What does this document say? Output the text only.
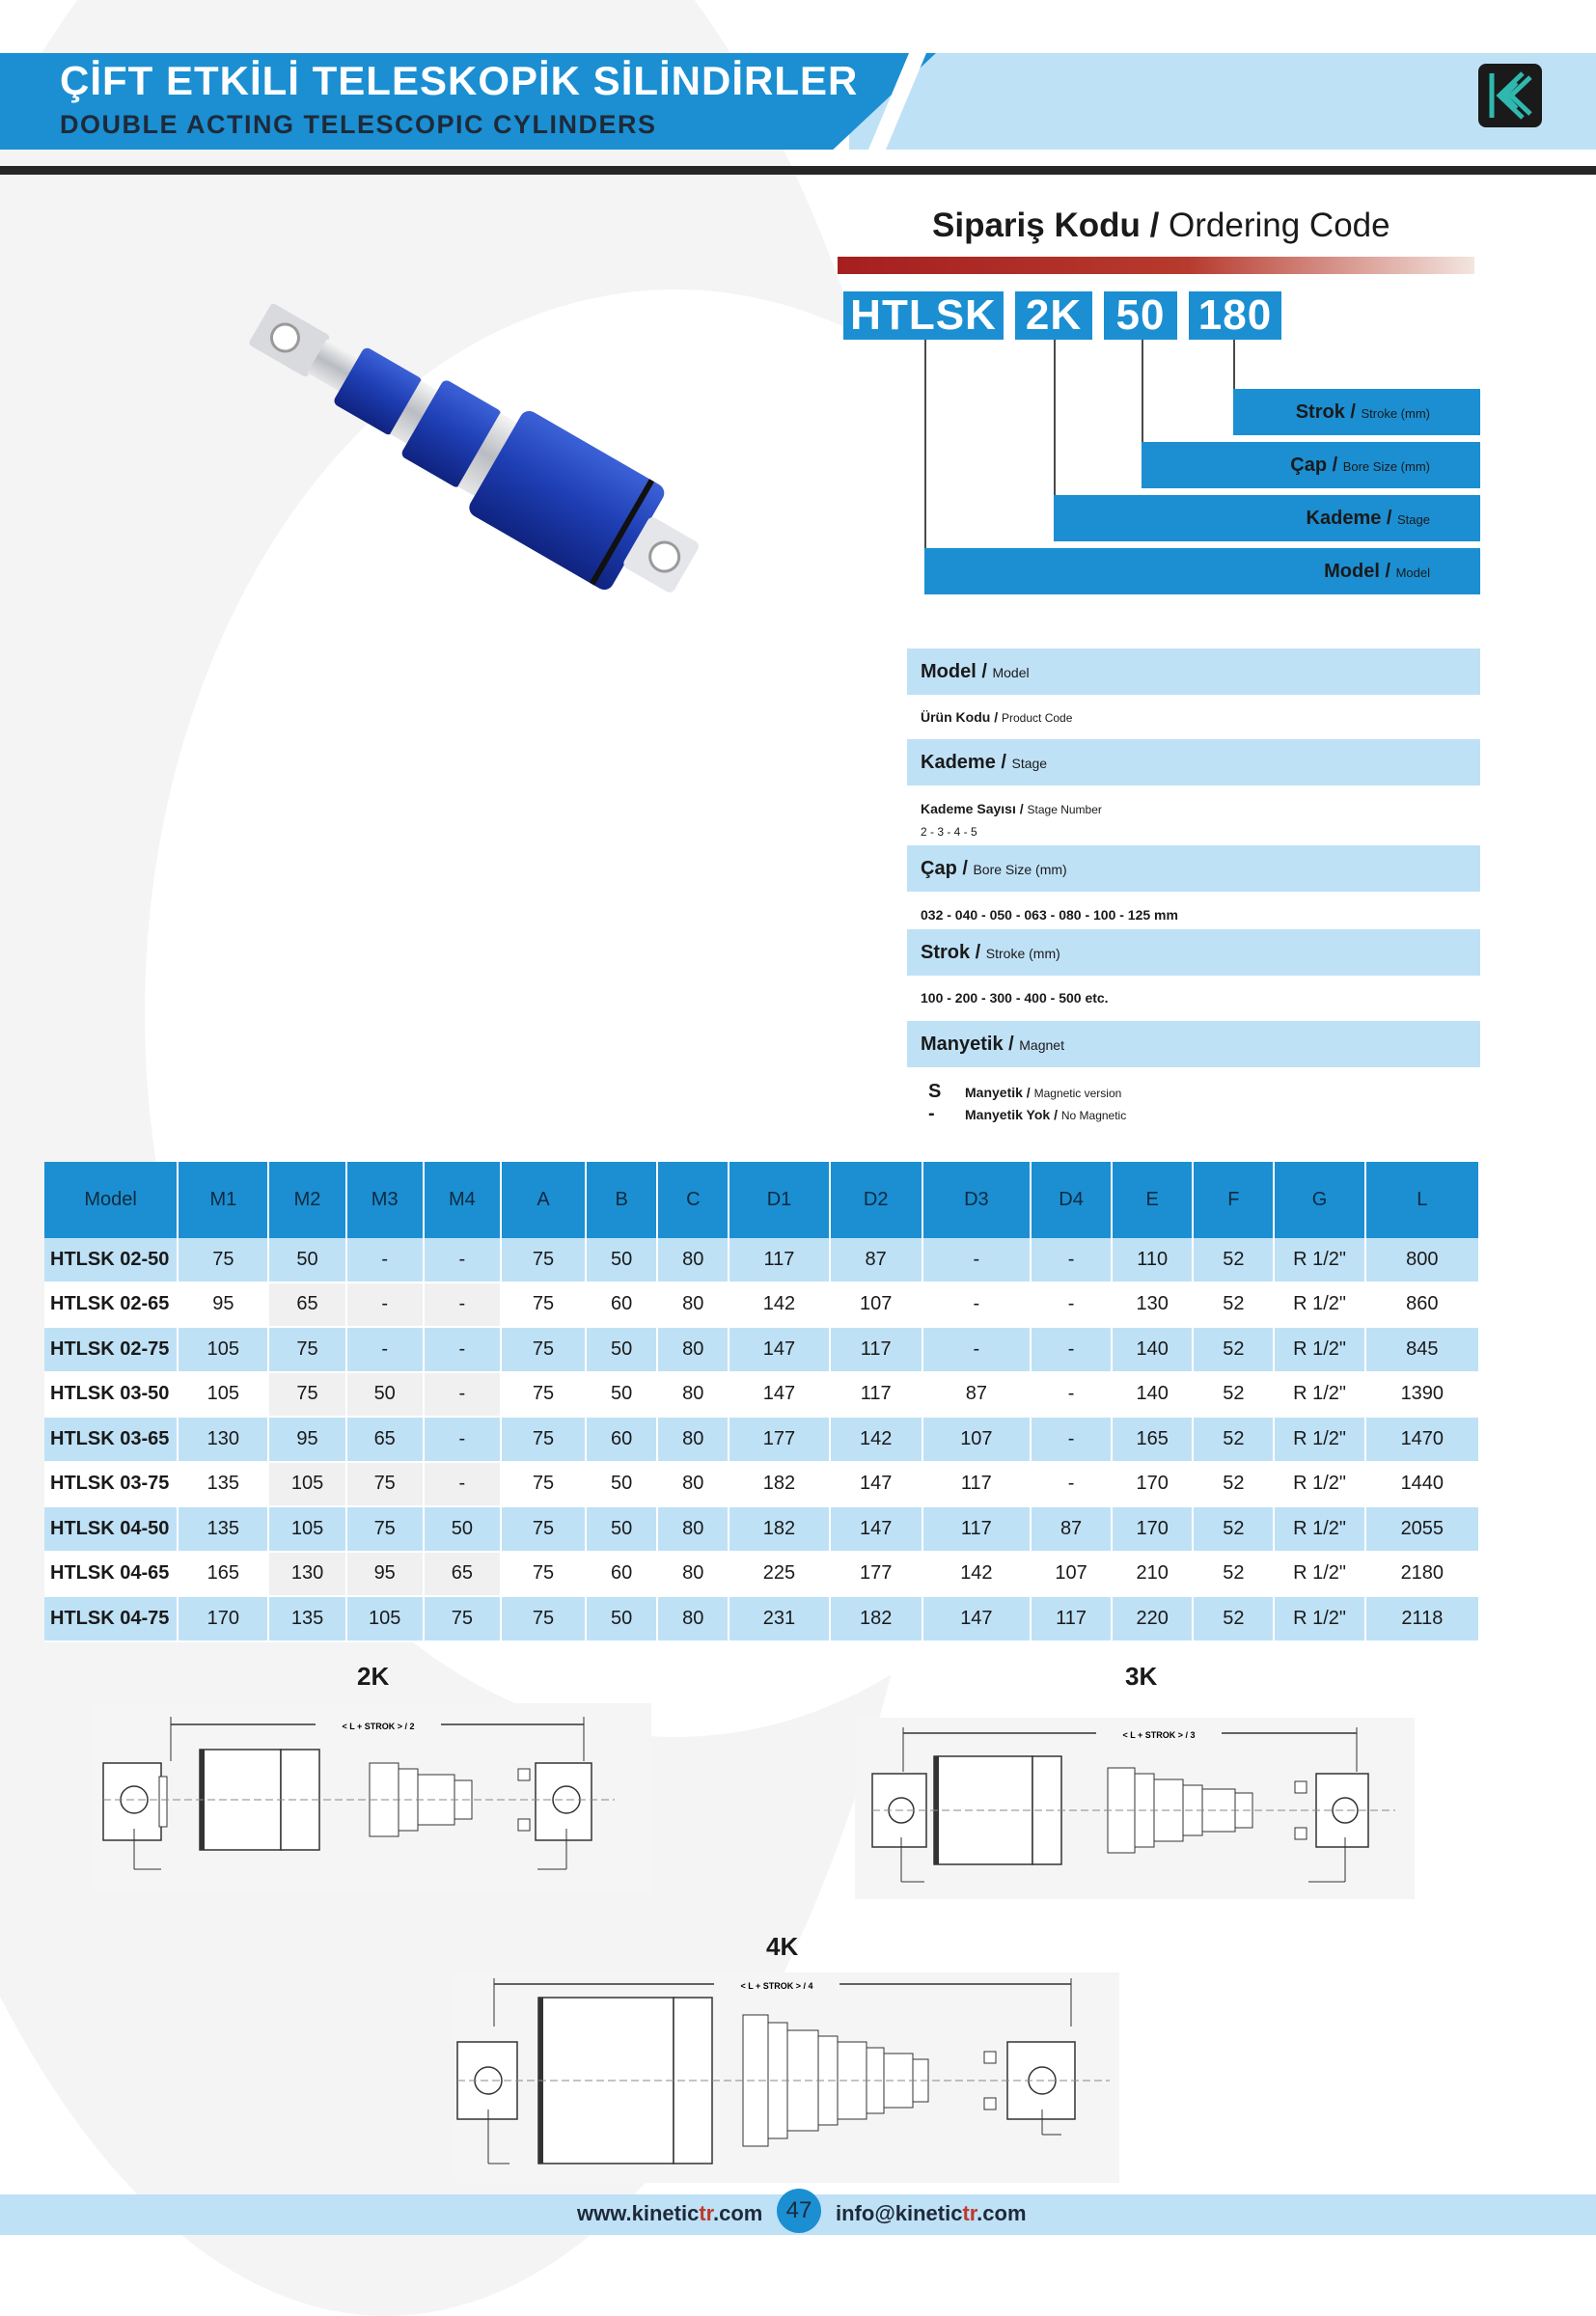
ÇİFT ETKİLİ TELESKOPİK SİLİNDİRLER
DOUBLE ACTING TELESCOPIC CYLINDERS
Sipariş Kodu / Ordering Code
HTLSK 2K 50 180
Strok / Stroke (mm)
Çap / Bore Size (mm)
Kademe / Stage
Model / Model
Model / Model
Ürün Kodu / Product Code
Kademe / Stage
Kademe Sayısı / Stage Number
2 - 3 - 4 - 5
Çap / Bore Size (mm)
032 - 040 - 050 - 063 - 080 - 100 - 125 mm
Strok / Stroke (mm)
100 - 200 - 300 - 400 - 500 etc.
Manyetik / Magnet
S Manyetik / Magnetic version
- Manyetik Yok / No Magnetic
Model	M1	M2	M3	M4	A	B	C	D1	D2	D3	D4	E	F	G	L
HTLSK 02-50	75	50	-	-	75	50	80	117	87	-	-	110	52	R 1/2"	800
HTLSK 02-65	95	65	-	-	75	60	80	142	107	-	-	130	52	R 1/2"	860
HTLSK 02-75	105	75	-	-	75	50	80	147	117	-	-	140	52	R 1/2"	845
HTLSK 03-50	105	75	50	-	75	50	80	147	117	87	-	140	52	R 1/2"	1390
HTLSK 03-65	130	95	65	-	75	60	80	177	142	107	-	165	52	R 1/2"	1470
HTLSK 03-75	135	105	75	-	75	50	80	182	147	117	-	170	52	R 1/2"	1440
HTLSK 04-50	135	105	75	50	75	50	80	182	147	117	87	170	52	R 1/2"	2055
HTLSK 04-65	165	130	95	65	75	60	80	225	177	142	107	210	52	R 1/2"	2180
HTLSK 04-75	170	135	105	75	75	50	80	231	182	147	117	220	52	R 1/2"	2118
2K	3K
4K
< L + STROK > / 2
< L + STROK > / 3
< L + STROK > / 4
www.kinetictr.com	47	info@kinetictr.com
